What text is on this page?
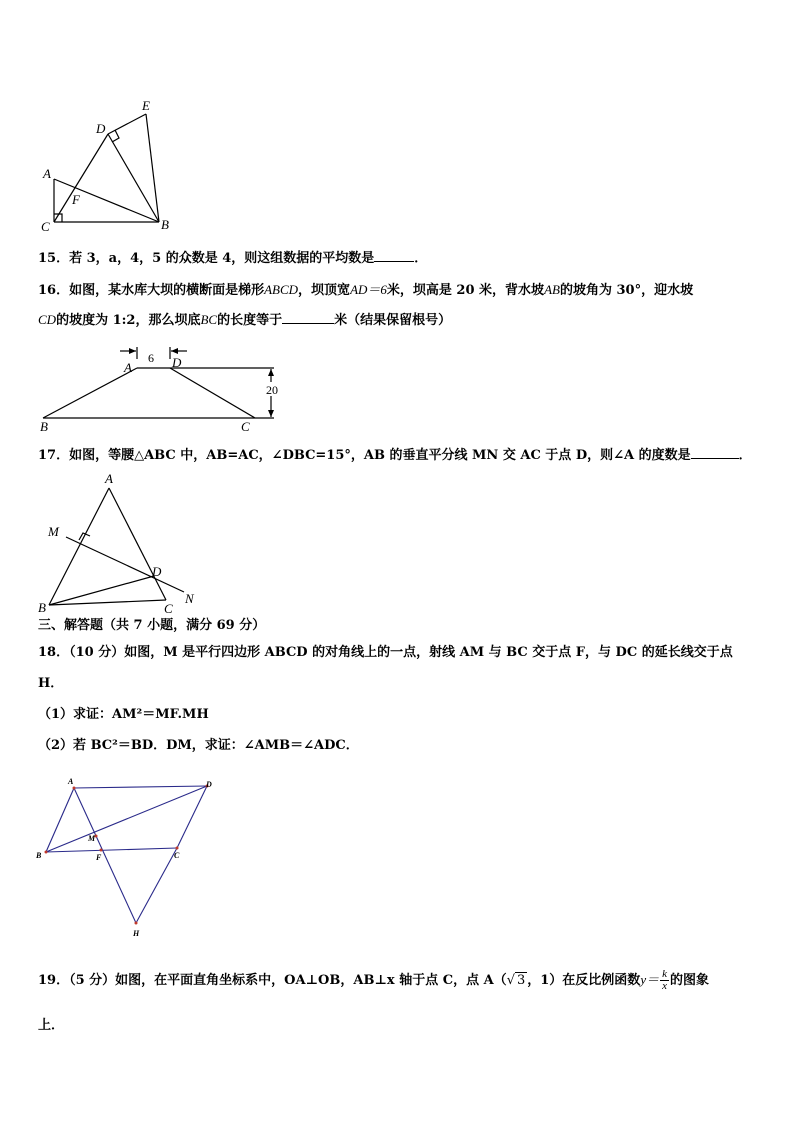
E
D
A
F
C	B
15．若 3，a，4，5 的众数是 4，则这组数据的平均数是	．
16．如图，某水库大坝的横断面是梯形ABCD，坝顶宽AD＝6米，坝高是 20 米，背水坡AB的坡角为 30°，迎水坡
CD的坡度为 1:2，那么坝底BC的长度等于	米（结果保留根号）
6
20
A	D
B	C
17．如图，等腰△ABC 中，AB=AC，∠DBC=15°，AB 的垂直平分线 MN 交 AC 于点 D，则∠A 的度数是	．
A
M
D
N
B	C
三、解答题（共 7 小题，满分 69 分）
18．（10 分）如图，M 是平行四边形 ABCD 的对角线上的一点，射线 AM 与 BC 交于点 F，与 DC 的延长线交于点
H．
（1）求证：AM²＝MF.MH
（2）若 BC²＝BD．DM，求证：∠AMB＝∠ADC．
A	D
M
B	F	C
H
19．（5 分）如图，在平面直角坐标系中，OA⊥OB，AB⊥x 轴于点 C，点 A（√ 3 ，1）在反比例函数$y= \frac{k}{x}$ 的图象
上．
